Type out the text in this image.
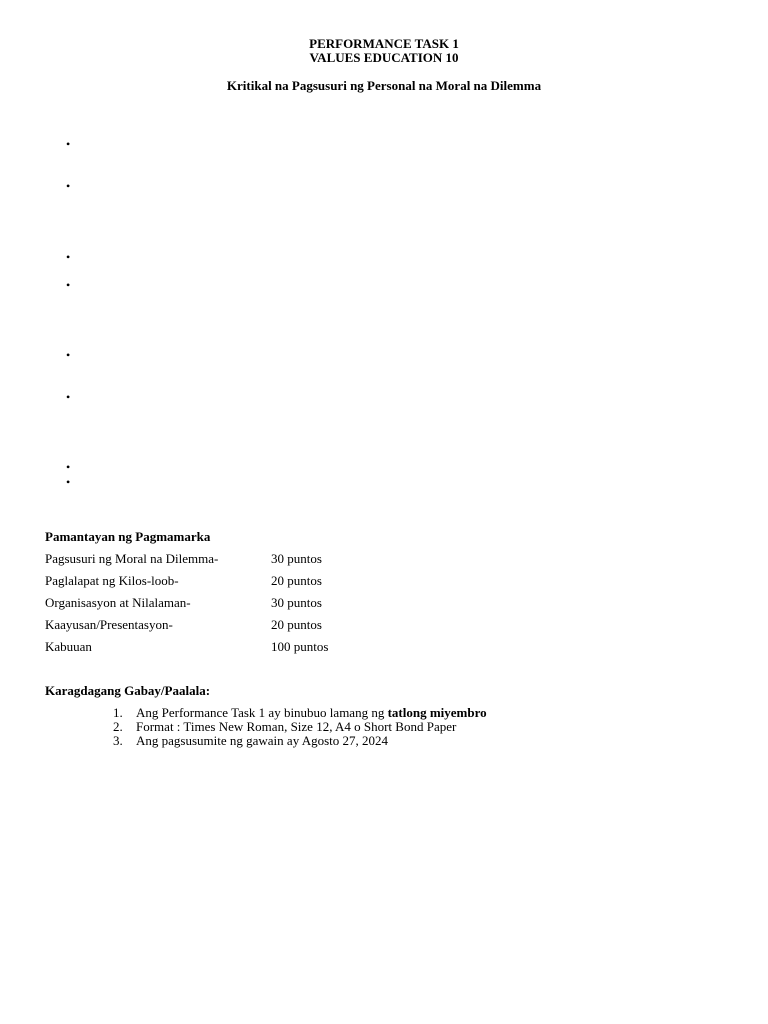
PERFORMANCE TASK 1
VALUES EDUCATION 10
Kritikal na Pagsusuri ng Personal na Moral na Dilemma
•
•
•
•
•
•
•
•
Pamantayan ng Pagmamarka
Pagsusuri ng Moral na Dilemma-	30 puntos
Paglalapat ng Kilos-loob-	20 puntos
Organisasyon at Nilalaman-	30 puntos
Kaayusan/Presentasyon-	20 puntos
Kabuuan	100 puntos
Karagdagang Gabay/Paalala:
1. Ang Performance Task 1 ay binubuo lamang ng tatlong miyembro
2. Format : Times New Roman, Size 12, A4 o Short Bond Paper
3. Ang pagsusumite ng gawain ay Agosto 27, 2024
